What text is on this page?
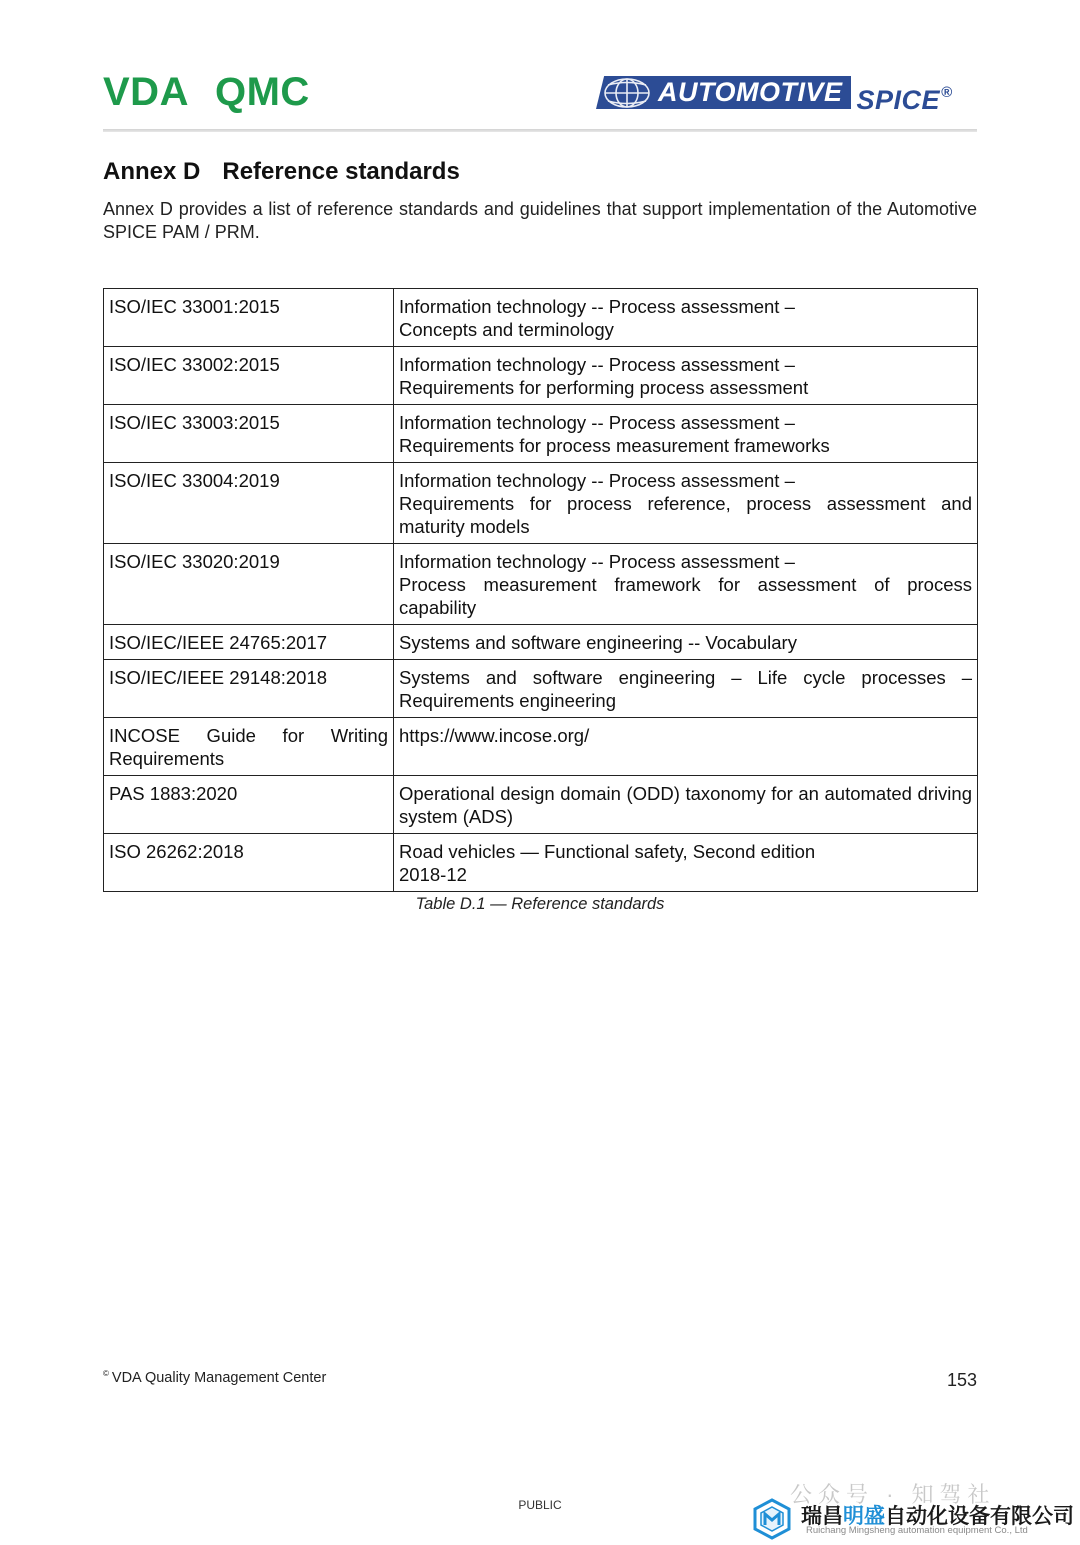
VDA QMC	AUTOMOTIVE SPICE®
Annex D Reference standards
Annex D provides a list of reference standards and guidelines that support implementation of the Automotive SPICE PAM / PRM.
ISO/IEC 33001:2015	Information technology -- Process assessment –
Concepts and terminology

ISO/IEC 33002:2015	Information technology -- Process assessment –
Requirements for performing process assessment

ISO/IEC 33003:2015	Information technology -- Process assessment –
Requirements for process measurement frameworks

ISO/IEC 33004:2019	Information technology -- Process assessment –
Requirements for process reference, process assessment and maturity models

ISO/IEC 33020:2019	Information technology -- Process assessment –
Process measurement framework for assessment of process capability

ISO/IEC/IEEE 24765:2017	Systems and software engineering -- Vocabulary

ISO/IEC/IEEE 29148:2018	Systems and software engineering – Life cycle processes – Requirements engineering

INCOSE Guide for Writing Requirements	https://www.incose.org/

PAS 1883:2020	Operational design domain (ODD) taxonomy for an automated driving system (ADS)

ISO 26262:2018	Road vehicles — Functional safety, Second edition
2018-12
Table D.1 — Reference standards
© VDA Quality Management Center	153
PUBLIC	公众号 · 知驾社
瑞昌明盛自动化设备有限公司
Ruichang Mingsheng automation equipment Co., Ltd
